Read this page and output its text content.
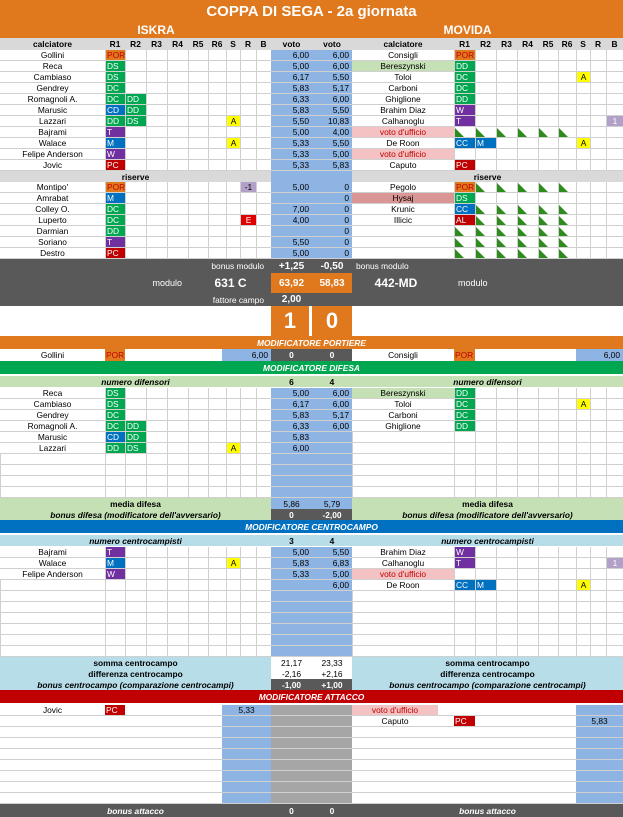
COPPA DI SEGA - 2a giornata
ISKRA	MOVIDA
calciatore	R1	R2	R3	R4	R5 R6 S	R	B	voto	voto	calciatore	R1	R2	R3	R4	R5 R6 S	R	B
Gollini	POR	6,00	6,00	Consigli	POR
Reca	DS	5,00	6,00	Bereszynski	DD
Cambiaso	DS	6,17	5,50	Toloi	DC	A
Gendrey	DC	5,83	5,17	Carboni	DC
Romagnoli A.	DC DD	6,33	6,00	Ghiglione	DD
Marusic	CD DD	5,83	5,50	Brahim Diaz	W
Lazzari	DD DS	A	5,50	10,83	Calhanoglu	T	1
Bajrami	T	5,00	4,00	voto d'ufficio
Walace	M	A	5,33	5,50	De Roon	CC	M	A
Felipe Anderson	W	5,33	5,00	voto d'ufficio
Jovic	PC	5,33	5,83	Caputo	PC
riserve	riserve
Montipo'	POR	-1	5,00	0	Pegolo	POR
Amrabat	M	0	Hysaj	DS
Colley O.	DC	7,00	0	Krunic	CC
Luperto	DC	E	4,00	0	Illicic	AL
Darmian	DD	0
Soriano	T	5,50	0
Destro	PC	5,00	0
bonus modulo	+1,25	-0,50	bonus modulo
modulo	631 C	63,92	58,83	442-MD	modulo
fattore campo	2,00
1	0
MODIFICATORE PORTIERE
Gollini	POR	6,00	0	0	Consigli	POR	6,00
MODIFICATORE DIFESA
numero difensori	6	4	numero difensori
Reca	DS	5,00	6,00	Bereszynski	DD
Cambiaso	DS	6,17	6,00	Toloi	DC	A
Gendrey	DC	5,83	5,17	Carboni	DC
Romagnoli A.	DC DD	6,33	6,00	Ghiglione	DD
Marusic	CD DD	5,83
Lazzari	DD DS	A	6,00
media difesa	5,86	5,79	media difesa
bonus difesa (modificatore dell'avversario)	0	-2,00	bonus difesa (modificatore dell'avversario)
MODIFICATORE CENTROCAMPO
numero centrocampisti	3	4	numero centrocampisti
Bajrami	T	5,00	5,50	Brahim Diaz	W
Walace	M	A	5,83	6,83	Calhanoglu	T	1
Felipe Anderson	W	5,33	5,00	voto d'ufficio
6,00	De Roon	CC	M	A
somma centrocampo	21,17	23,33	somma centrocampo
differenza centrocampo	-2,16	+2,16	differenza centrocampo
bonus centrocampo (comparazione centrocampi)	-1,00	+1,00	bonus centrocampo (comparazione centrocampi)
MODIFICATORE ATTACCO
Jovic	PC	5,33	voto d'ufficio
Caputo	PC	5,83
bonus attacco	0	0	bonus attacco
